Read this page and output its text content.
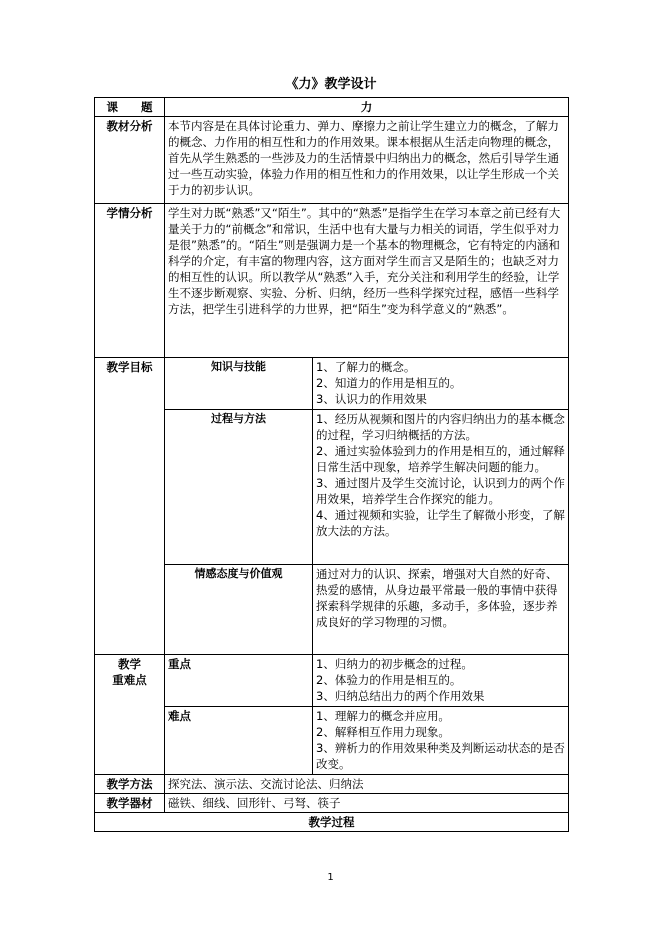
《力》教学设计
课　　题	力	
教材分析	本节内容是在具体讨论重力、弹力、摩擦力之前让学生建立力的概念，了解力的概念、力作用的相互性和力的作用效果。课本根据从生活走向物理的概念，首先从学生熟悉的一些涉及力的生活情景中归纳出力的概念，然后引导学生通过一些互动实验，体验力作用的相互性和力的作用效果，以让学生形成一个关于力的初步认识。	
学情分析	学生对力既“熟悉”又“陌生”。其中的“熟悉”是指学生在学习本章之前已经有大量关于力的“前概念”和常识，生活中也有大量与力相关的词语，学生似乎对力是很”熟悉”的。“陌生”则是强调力是一个基本的物理概念，它有特定的内涵和科学的介定，有丰富的物理内容，这方面对学生而言又是陌生的；也缺乏对力的相互性的认识。所以教学从“熟悉”入手，充分关注和利用学生的经验，让学生不逐步断观察、实验、分析、归纳，经历一些科学探究过程，感悟一些科学方法，把学生引进科学的力世界，把“陌生”变为科学意义的“熟悉”。	
教学目标	知识与技能	1、了解力的概念。
2、知道力的作用是相互的。
3、认识力的作用效果

	过程与方法	1、经历从视频和图片的内容归纳出力的基本概念的过程，学习归纳概括的方法。
2、通过实验体验到力的作用是相互的，通过解释日常生活中现象，培养学生解决问题的能力。
3、通过图片及学生交流讨论，认识到力的两个作用效果，培养学生合作探究的能力。
4、通过视频和实验，让学生了解微小形变，了解放大法的方法。

	情感态度与价值观	通过对力的认识、探索，增强对大自然的好奇、热爱的感情，从身边最平常最一般的事情中获得探索科学规律的乐趣，多动手，多体验，逐步养成良好的学习物理的习惯。

教学
重难点	重点	1、归纳力的初步概念的过程。
2、体验力的作用是相互的。
3、归纳总结出力的两个作用效果

	难点	1、理解力的概念并应用。
2、解释相互作用力现象。
3、辨析力的作用效果种类及判断运动状态的是否改变。

教学方法	探究法、演示法、交流讨论法、归纳法	
教学器材	磁铁、细线、回形针、弓弩、筷子	
教学过程		
1
